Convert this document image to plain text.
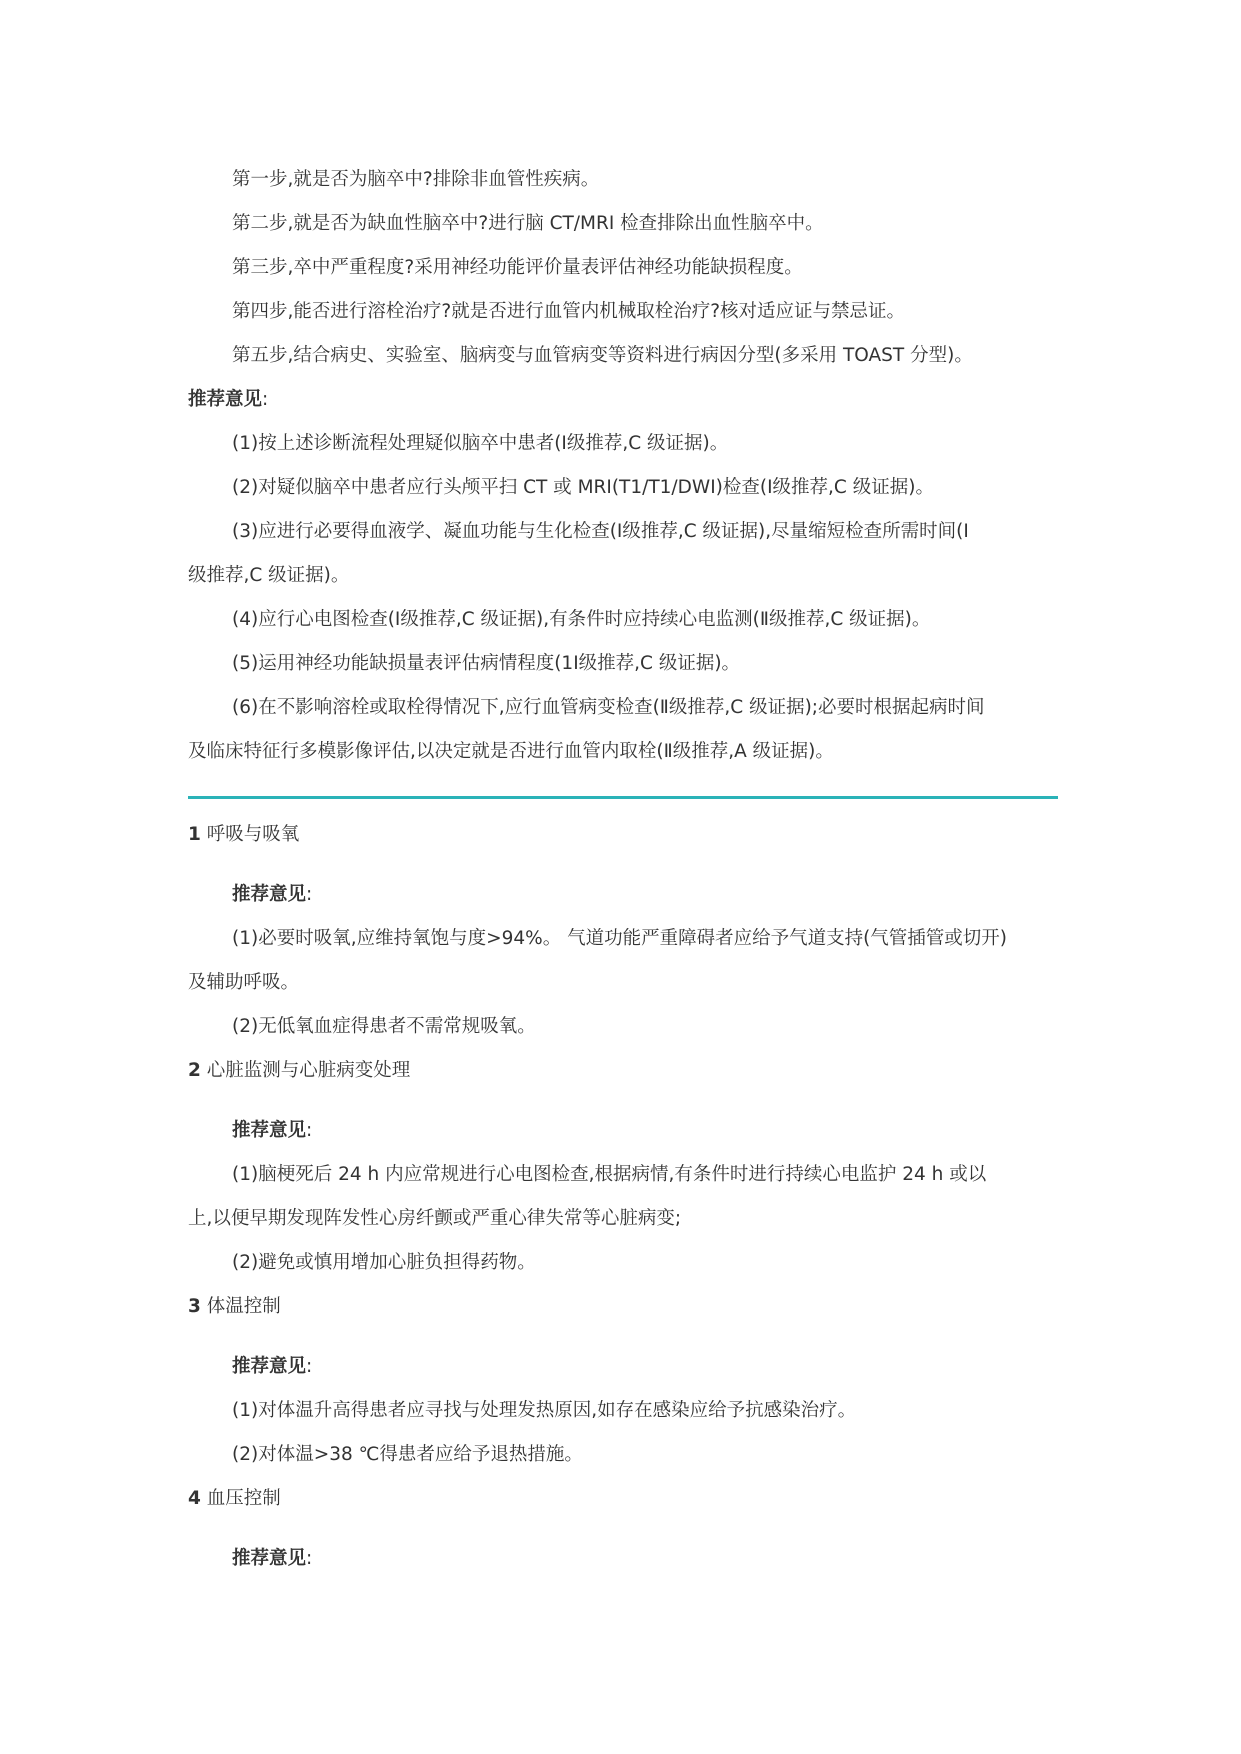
第一步,就是否为脑卒中?排除非血管性疾病。

第二步,就是否为缺血性脑卒中?进行脑 CT/MRI 检查排除出血性脑卒中。

第三步,卒中严重程度?采用神经功能评价量表评估神经功能缺损程度。

第四步,能否进行溶栓治疗?就是否进行血管内机械取栓治疗?核对适应证与禁忌证。

第五步,结合病史、实验室、脑病变与血管病变等资料进行病因分型(多采用 TOAST 分型)。

推荐意见:

(1)按上述诊断流程处理疑似脑卒中患者(Ⅰ级推荐,C 级证据)。

(2)对疑似脑卒中患者应行头颅平扫 CT 或 MRI(T1/T1/DWI)检查(Ⅰ级推荐,C 级证据)。

(3)应进行必要得血液学、凝血功能与生化检查(Ⅰ级推荐,C 级证据),尽量缩短检查所需时间(Ⅰ

级推荐,C 级证据)。

(4)应行心电图检查(Ⅰ级推荐,C 级证据),有条件时应持续心电监测(Ⅱ级推荐,C 级证据)。

(5)运用神经功能缺损量表评估病情程度(1Ⅰ级推荐,C 级证据)。

(6)在不影响溶栓或取栓得情况下,应行血管病变检查(Ⅱ级推荐,C 级证据);必要时根据起病时间

及临床特征行多模影像评估,以决定就是否进行血管内取栓(Ⅱ级推荐,A 级证据)。

1 呼吸与吸氧

推荐意见:

(1)必要时吸氧,应维持氧饱与度>94%。 气道功能严重障碍者应给予气道支持(气管插管或切开)

及辅助呼吸。

(2)无低氧血症得患者不需常规吸氧。

2 心脏监测与心脏病变处理

推荐意见:

(1)脑梗死后 24 h 内应常规进行心电图检查,根据病情,有条件时进行持续心电监护 24 h 或以

上,以便早期发现阵发性心房纤颤或严重心律失常等心脏病变;

(2)避免或慎用增加心脏负担得药物。

3 体温控制

推荐意见:

(1)对体温升高得患者应寻找与处理发热原因,如存在感染应给予抗感染治疗。

(2)对体温>38 ℃得患者应给予退热措施。

4 血压控制

推荐意见:
